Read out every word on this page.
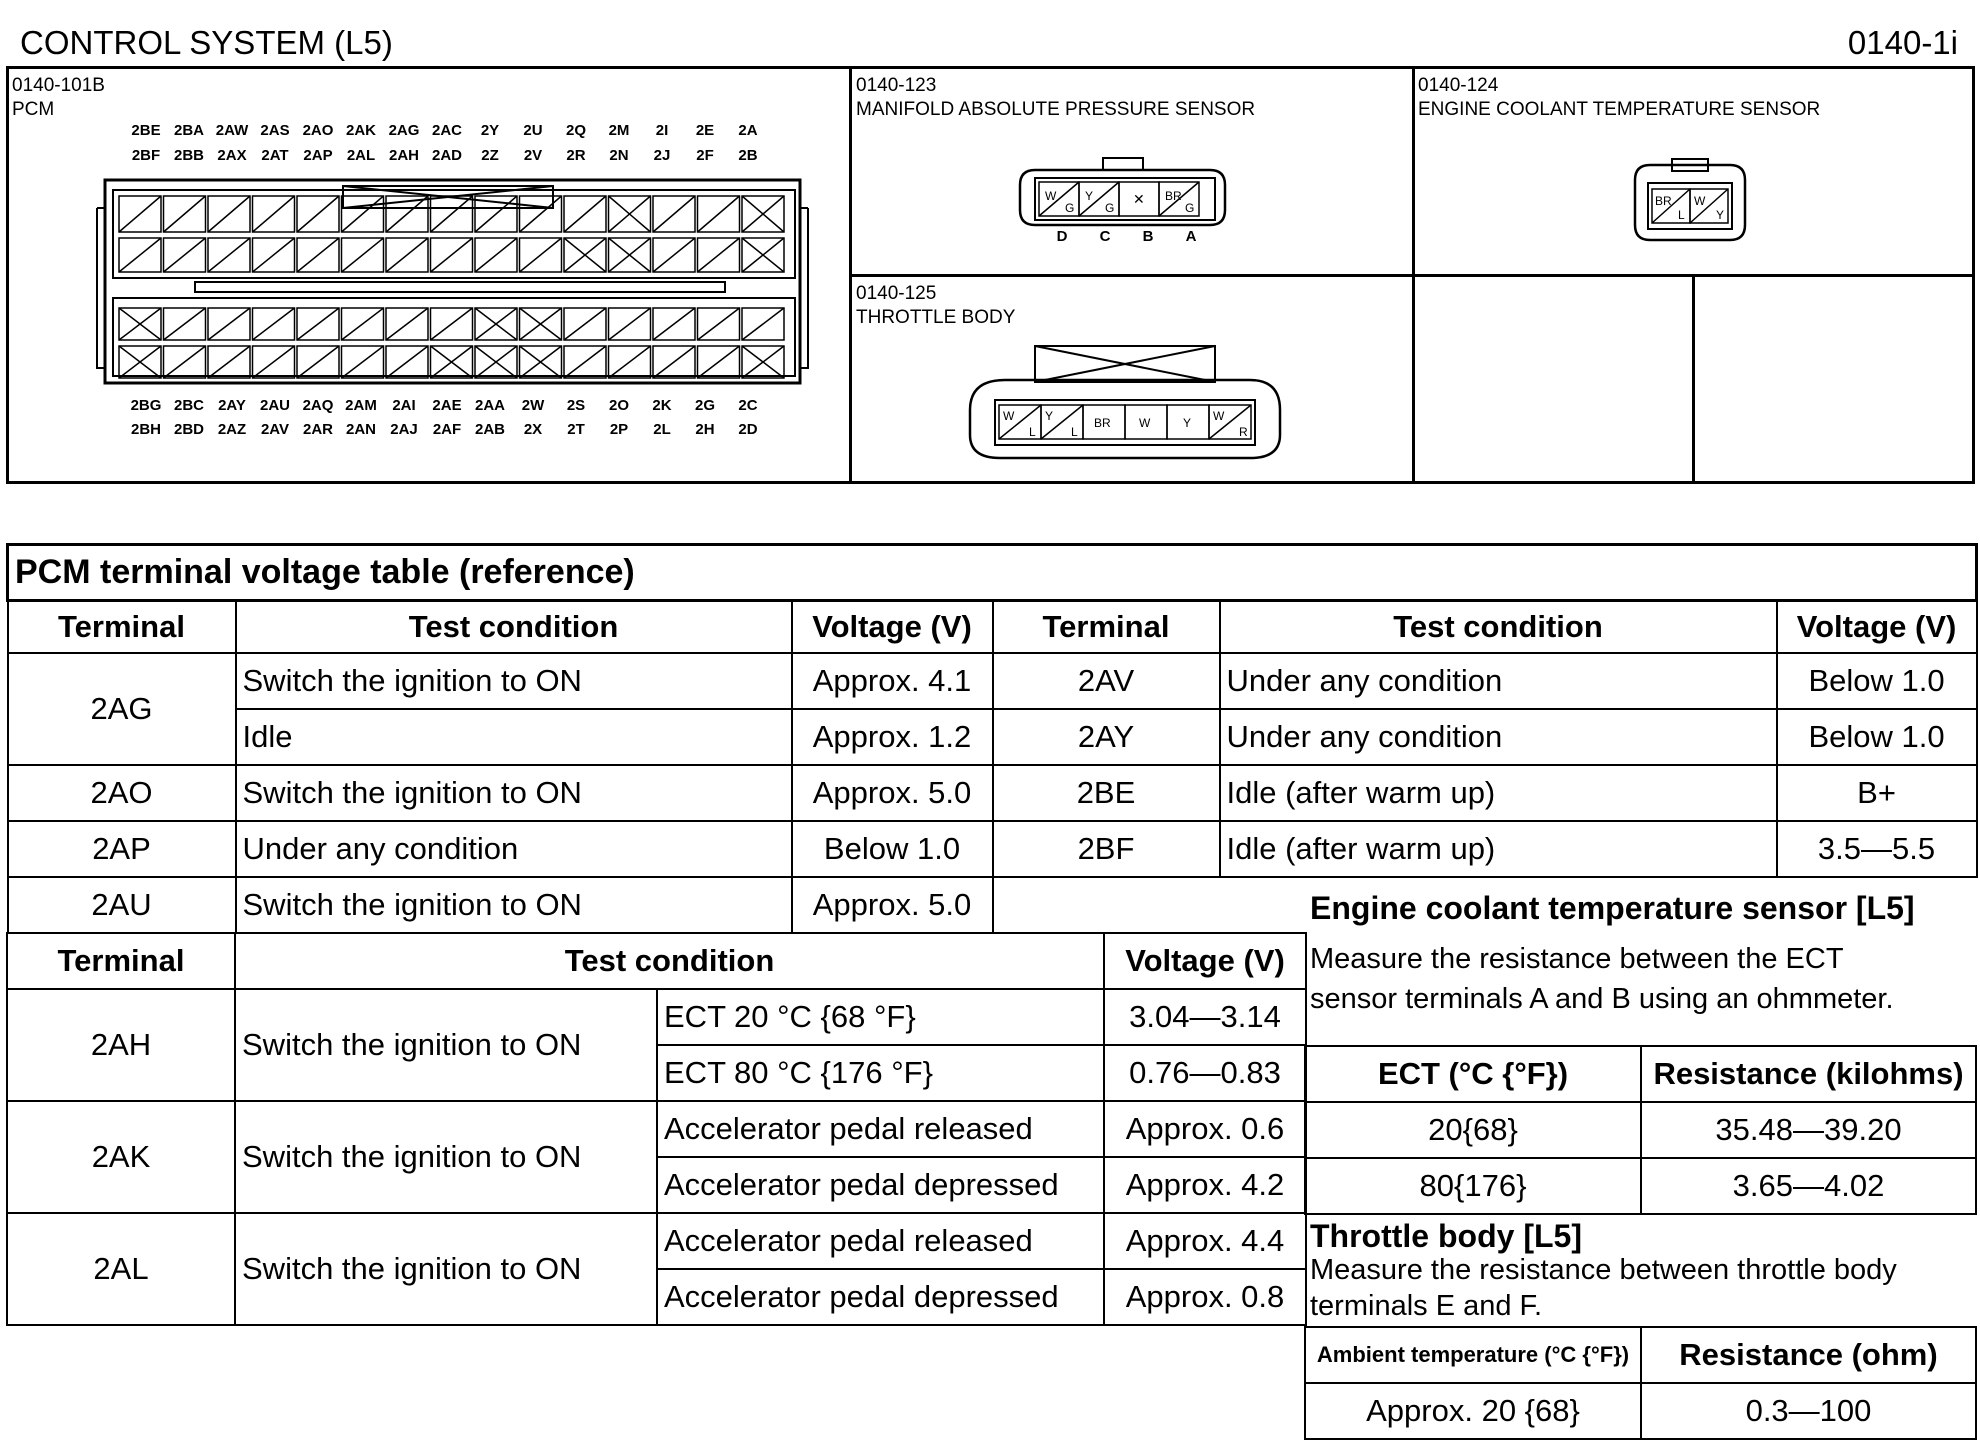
CONTROL SYSTEM (L5)	0140-1i
0140-101B
PCM
2BE 2BA 2AW 2AS 2AO 2AK 2AG 2AC	2Y	2U	2Q	2M	2I	2E	2A
2BF 2BB 2AX 2AT 2AP 2AL 2AH 2AD	2Z	2V	2R	2N	2J	2F	2B
2BG 2BC 2AY 2AU 2AQ 2AM	2AI	2AE 2AA	2W	2S	2O	2K	2G	2C
2BH 2BD 2AZ 2AV 2AR 2AN 2AJ	2AF 2AB	2X	2T	2P	2L	2H	2D
0140-123
MANIFOLD ABSOLUTE PRESSURE SENSOR
W
G
Y
G
✕ BR
G
D	C	B	A
0140-124
ENGINE COOLANT TEMPERATURE SENSOR
BR
L
W
Y
0140-125
THROTTLE BODY
W
L
Y
L
BR W	Y W
R
PCM terminal voltage table (reference)					
Terminal	Test condition	Voltage (V)	Terminal	Test condition	Voltage (V)
2AG	Switch the ignition to ON	Approx. 4.1	2AV	Under any condition	Below 1.0
	Idle	Approx. 1.2	2AY	Under any condition	Below 1.0
2AO	Switch the ignition to ON	Approx. 5.0	2BE	Idle (after warm up)	B+
2AP	Under any condition	Below 1.0	2BF	Idle (after warm up)	3.5—5.5
2AU	Switch the ignition to ON	Approx. 5.0			
Terminal	Test condition		Voltage (V)
2AH	Switch the ignition to ON	ECT 20 °C {68 °F}	3.04—3.14
		ECT 80 °C {176 °F}	0.76—0.83
2AK	Switch the ignition to ON	Accelerator pedal released	Approx. 0.6
		Accelerator pedal depressed	Approx. 4.2
2AL	Switch the ignition to ON	Accelerator pedal released	Approx. 4.4
		Accelerator pedal depressed	Approx. 0.8
Engine coolant temperature sensor [L5]
Measure the resistance between the ECT
sensor terminals A and B using an ohmmeter.
ECT (°C {°F})	Resistance (kilohms)
20{68}	35.48—39.20
80{176}	3.65—4.02
Throttle body [L5]
Measure the resistance between throttle body
terminals E and F.
Ambient temperature (°C {°F})	Resistance (ohm)
Approx. 20 {68}	0.3—100
